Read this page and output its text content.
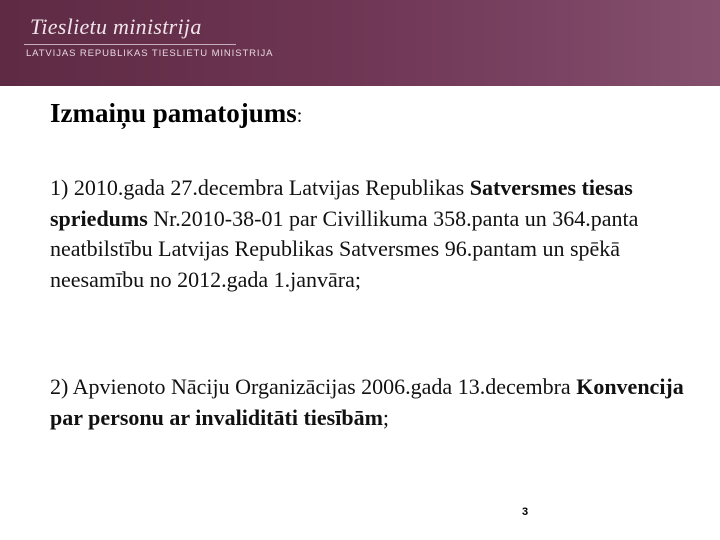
Tieslietu ministrija
LATVIJAS REPUBLIKAS TIESLIETU MINISTRIJA
Izmaiņu pamatojums:
1) 2010.gada 27.decembra Latvijas Republikas Satversmes tiesas spriedums Nr.2010-38-01 par Civillikuma 358.panta un 364.panta neatbilstību Latvijas Republikas Satversmes 96.pantam un spēkā neesamību no 2012.gada 1.janvāra;
2) Apvienoto Nāciju Organizācijas 2006.gada 13.decembra Konvencija par personu ar invaliditāti tiesībām;
3
